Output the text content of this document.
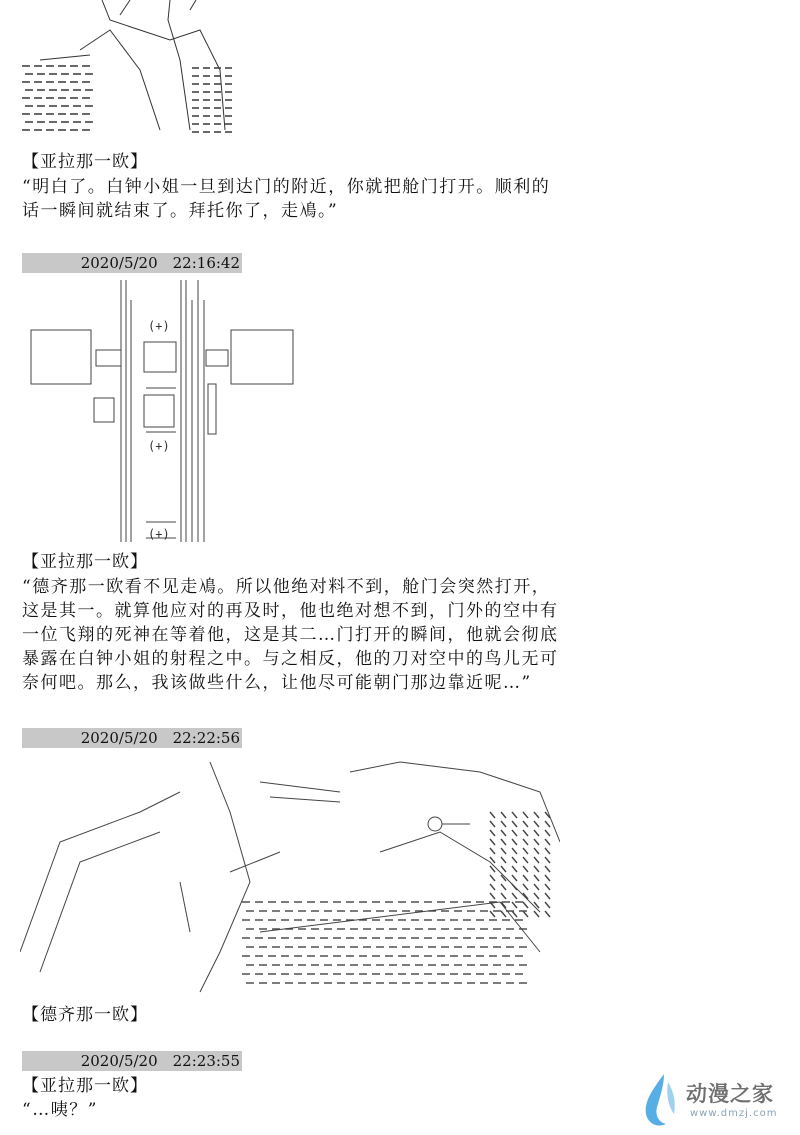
【亚拉那一欧】
“明白了。白钟小姐一旦到达门的附近，你就把舱门打开。顺利的
话一瞬间就结束了。拜托你了，走鳰。”
2020/5/20　22:16:42
(+)
(+)
(+)
【亚拉那一欧】
“德齐那一欧看不见走鳰。所以他绝对料不到，舱门会突然打开，
这是其一。就算他应对的再及时，他也绝对想不到，门外的空中有
一位飞翔的死神在等着他，这是其二…门打开的瞬间，他就会彻底
暴露在白钟小姐的射程之中。与之相反，他的刀对空中的鸟儿无可
奈何吧。那么，我该做些什么，让他尽可能朝门那边靠近呢…”
2020/5/20　22:22:56
【德齐那一欧】
2020/5/20　22:23:55
【亚拉那一欧】
“…咦？”
动漫之家
www.dmzj.com
